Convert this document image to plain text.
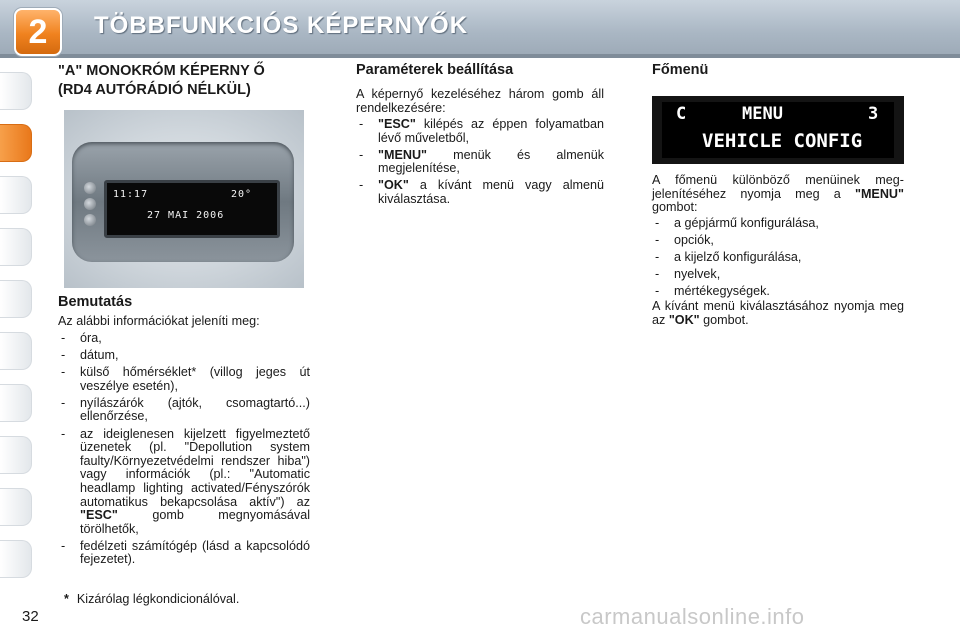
2	TÖBBFUNKCIÓS KÉPERNYŐK
"A" MONOKRÓM KÉPERNY Ő
(RD4 AUTÓRÁDIÓ NÉLKÜL)
11:17	20°
27 MAI 2006
Bemutatás
Az alábbi információkat jeleníti meg:
- óra,
- dátum,
- külső hőmérséklet* (villog jeges út veszélye esetén),
- nyílászárók (ajtók, csomagtartó...) ellenőrzése,
- az ideiglenesen kijelzett figyelmeztető üzenetek (pl. "Depollution system faulty/Környezetvédelmi rendszer hiba") vagy információk (pl.: "Automatic headlamp lighting activated/Fényszórók automatikus bekapcsolása aktív") az "ESC"	gomb megnyomásával törölhetők,
- fedélzeti számítógép (lásd a kapcsolódó fejezetet).
Paraméterek beállítása
A képernyő kezeléséhez három gomb áll rendelkezésére:
- "ESC" kilépés az éppen folyamatban lévő műveletből,
- "MENU" menük és almenük megjelenítése,
- "OK" a kívánt menü vagy almenü kiválasztása.
Főmenü
C	MENU	3
VEHICLE CONFIG
A főmenü különböző menüinek megjelenítéséhez nyomja meg a "MENU" gombot:
- a gépjármű konfigurálása,
- opciók,
- a kijelző konfigurálása,
- nyelvek,
- mértékegységek.
A kívánt menü kiválasztásához nyomja meg az "OK" gombot.
* Kizárólag légkondicionálóval.
32	carmanualsonline.info
